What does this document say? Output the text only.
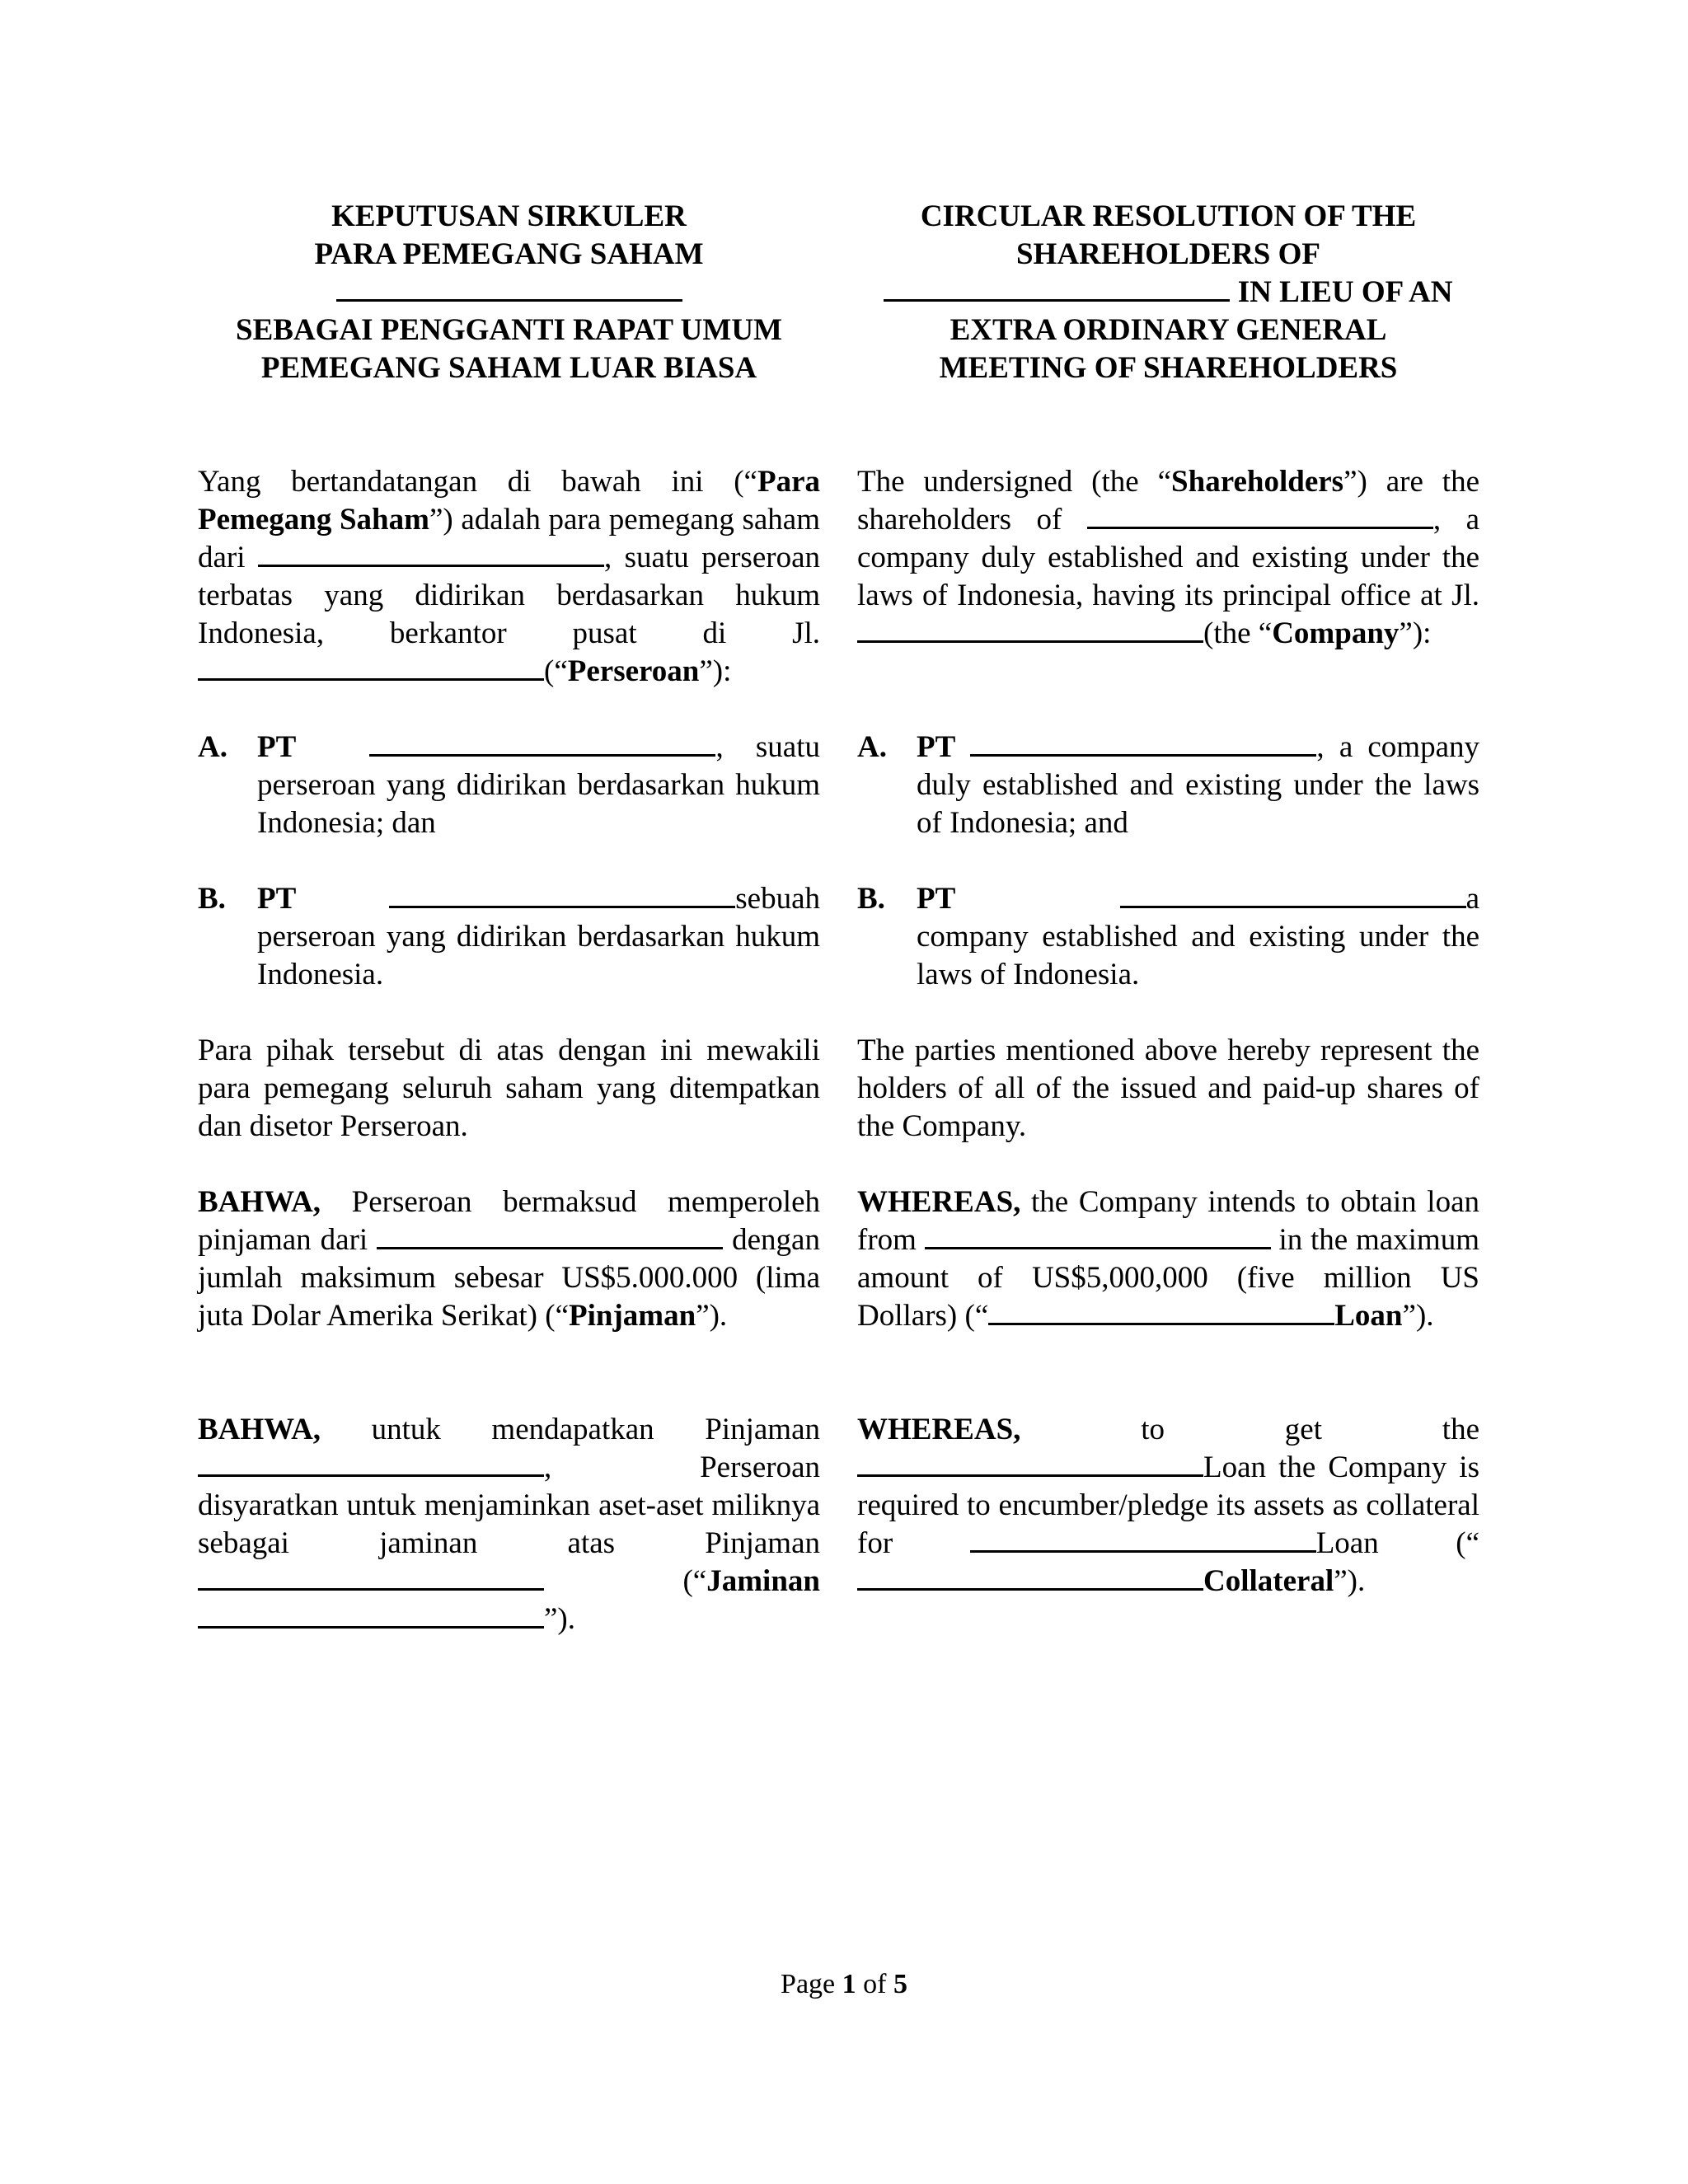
KEPUTUSAN SIRKULER
PARA PEMEGANG SAHAM
SEBAGAI PENGGANTI RAPAT UMUM
PEMEGANG SAHAM LUAR BIASA
CIRCULAR RESOLUTION OF THE
SHAREHOLDERS OF
IN LIEU OF AN
EXTRA ORDINARY GENERAL
MEETING OF SHAREHOLDERS
Yang bertandatangan di bawah ini (“Para Pemegang Saham”) adalah para pemegang saham dari	, suatu perseroan terbatas yang didirikan berdasarkan hukum Indonesia, berkantor pusat di Jl. (“Perseroan”):
The undersigned (the “Shareholders”) are the shareholders of	, a company duly established and existing under the laws of Indonesia, having its principal office at Jl. (the “Company”):
A. PT	, suatu perseroan yang didirikan berdasarkan hukum Indonesia; dan
A. PT	, a company duly established and existing under the laws of Indonesia; and
B.	PT	sebuah perseroan yang didirikan berdasarkan hukum Indonesia.
B.	PT	a company established and existing under the laws of Indonesia.
Para pihak tersebut di atas dengan ini mewakili para pemegang seluruh saham yang ditempatkan dan disetor Perseroan.
The parties mentioned above hereby represent the holders of all of the issued and paid-up shares of the Company.
BAHWA, Perseroan bermaksud memperoleh pinjaman dari	dengan jumlah maksimum sebesar US$5.000.000 (lima juta Dolar Amerika Serikat) (“Pinjaman”).
WHEREAS, the Company intends to obtain loan from	in the maximum amount of US$5,000,000 (five million US Dollars) (“	Loan”).
BAHWA, untuk mendapatkan Pinjaman , Perseroan disyaratkan untuk menjaminkan aset-aset miliknya sebagai jaminan atas Pinjaman  (“Jaminan ”).
WHEREAS, to get the Loan the Company is required to encumber/pledge its assets as collateral for	Loan (“Collateral”).
Page 1 of 5
